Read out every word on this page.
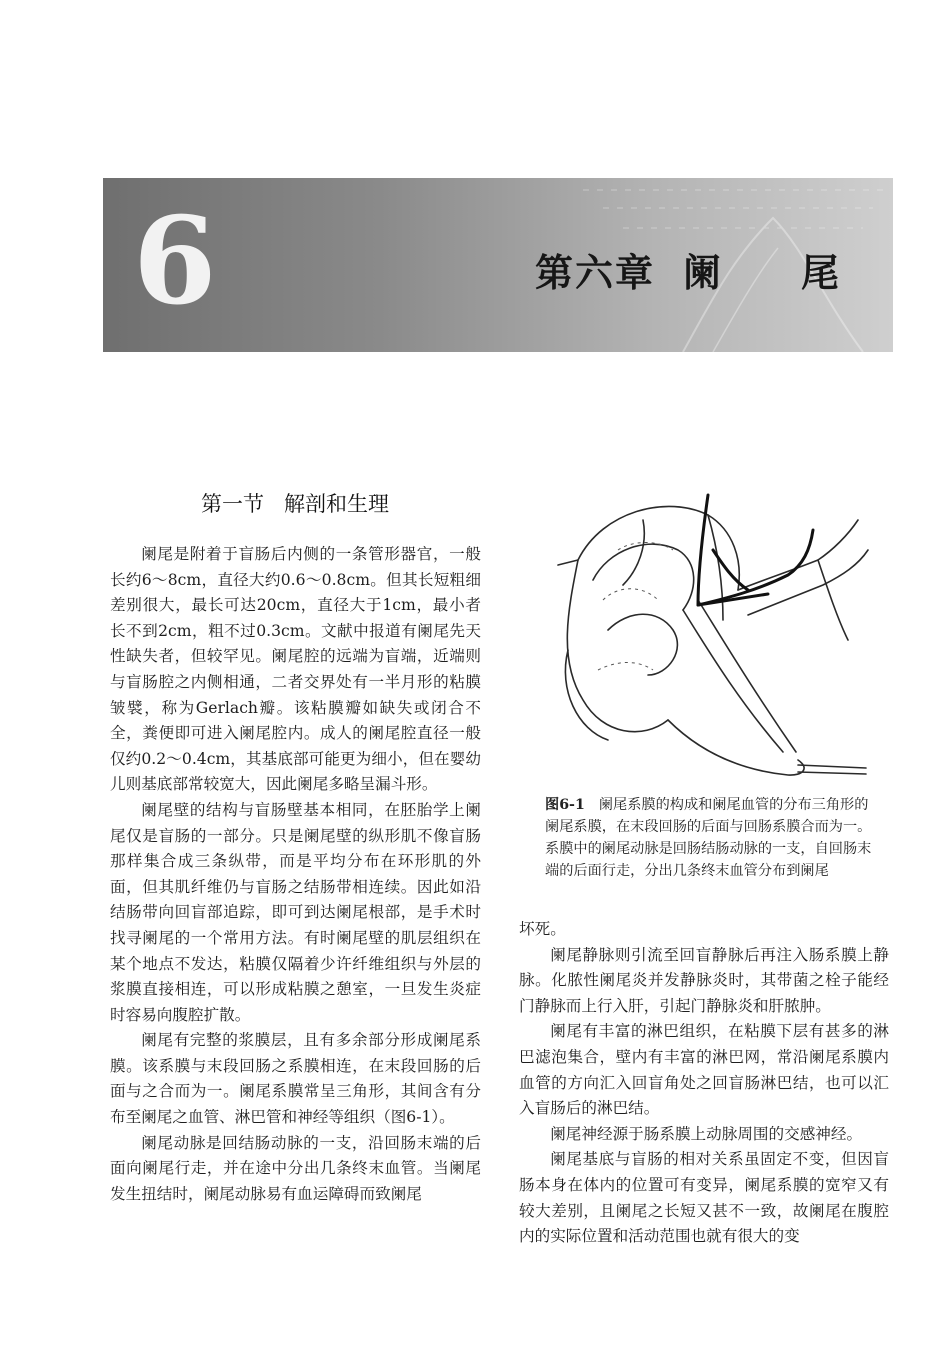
6	第六章 阑 尾
第一节 解剖和生理

阑尾是附着于盲肠后内侧的一条管形器官，一般长约6～8cm，直径大约0.6～0.8cm。但其长短粗细差别很大，最长可达20cm，直径大于1cm，最小者长不到2cm，粗不过0.3cm。文献中报道有阑尾先天性缺失者，但较罕见。阑尾腔的远端为盲端，近端则与盲肠腔之内侧相通，二者交界处有一半月形的粘膜皱襞，称为Gerlach瓣。该粘膜瓣如缺失或闭合不全，粪便即可进入阑尾腔内。成人的阑尾腔直径一般仅约0.2～0.4cm，其基底部可能更为细小，但在婴幼儿则基底部常较宽大，因此阑尾多略呈漏斗形。

阑尾壁的结构与盲肠壁基本相同，在胚胎学上阑尾仅是盲肠的一部分。只是阑尾壁的纵形肌不像盲肠那样集合成三条纵带，而是平均分布在环形肌的外面，但其肌纤维仍与盲肠之结肠带相连续。因此如沿结肠带向回盲部追踪，即可到达阑尾根部，是手术时找寻阑尾的一个常用方法。有时阑尾壁的肌层组织在某个地点不发达，粘膜仅隔着少许纤维组织与外层的浆膜直接相连，可以形成粘膜之憩室，一旦发生炎症时容易向腹腔扩散。

阑尾有完整的浆膜层，且有多余部分形成阑尾系膜。该系膜与末段回肠之系膜相连，在末段回肠的后面与之合而为一。阑尾系膜常呈三角形，其间含有分布至阑尾之血管、淋巴管和神经等组织（图6-1）。

阑尾动脉是回结肠动脉的一支，沿回肠末端的后面向阑尾行走，并在途中分出几条终末血管。当阑尾发生扭结时，阑尾动脉易有血运障碍而致阑尾

图6-1 阑尾系膜的构成和阑尾血管的分布三角形的阑尾系膜，在末段回肠的后面与回肠系膜合而为一。系膜中的阑尾动脉是回肠结肠动脉的一支，自回肠末端的后面行走，分出几条终末血管分布到阑尾

坏死。

阑尾静脉则引流至回盲静脉后再注入肠系膜上静脉。化脓性阑尾炎并发静脉炎时，其带菌之栓子能经门静脉而上行入肝，引起门静脉炎和肝脓肿。

阑尾有丰富的淋巴组织，在粘膜下层有甚多的淋巴滤泡集合，壁内有丰富的淋巴网，常沿阑尾系膜内血管的方向汇入回盲角处之回盲肠淋巴结，也可以汇入盲肠后的淋巴结。

阑尾神经源于肠系膜上动脉周围的交感神经。

阑尾基底与盲肠的相对关系虽固定不变，但因盲肠本身在体内的位置可有变异，阑尾系膜的宽窄又有较大差别，且阑尾之长短又甚不一致，故阑尾在腹腔内的实际位置和活动范围也就有很大的变
